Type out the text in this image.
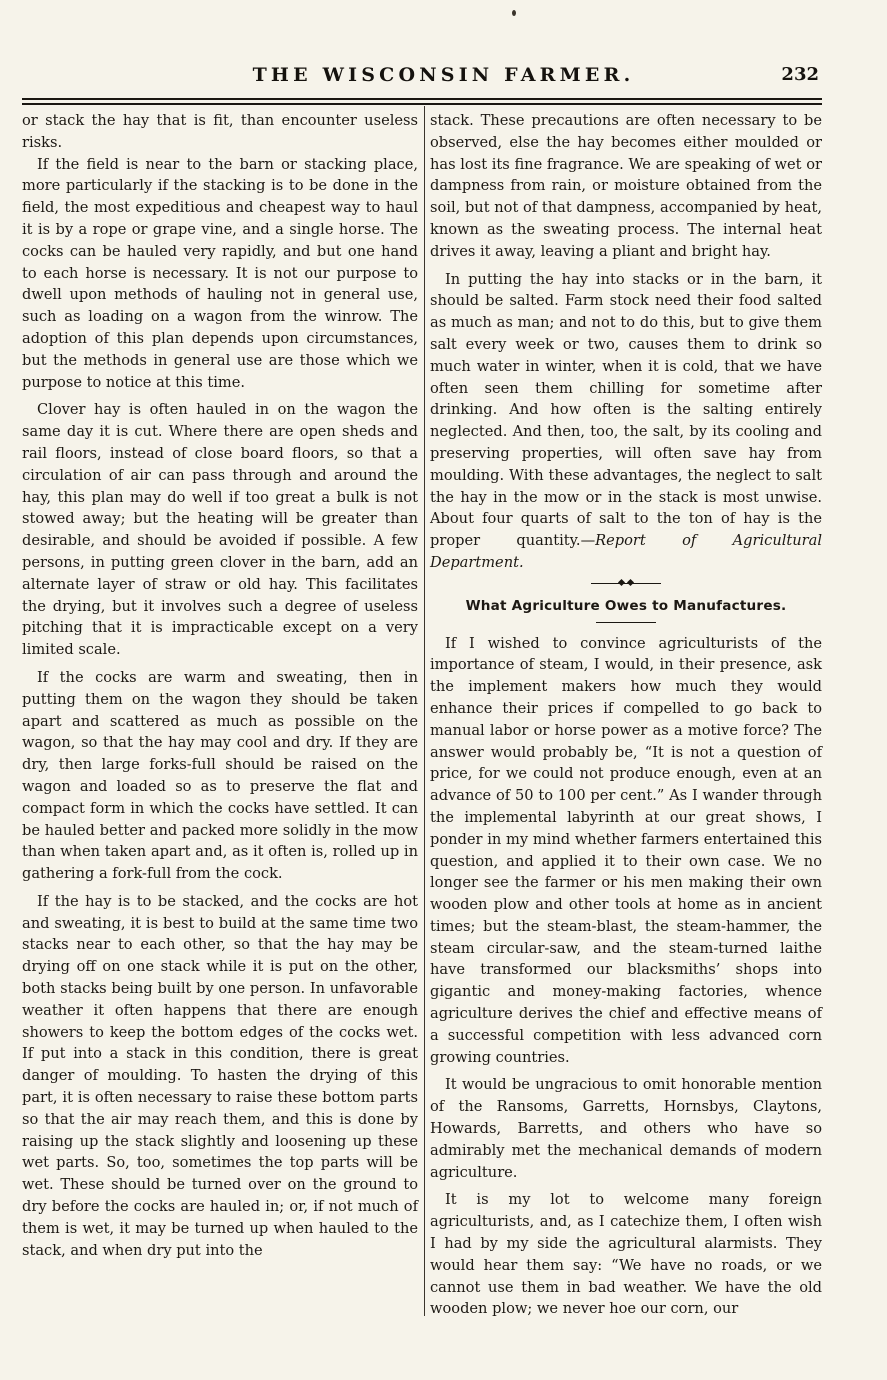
THE WISCONSIN FARMER.	232

or stack the hay that is fit, than encounter useless risks.

If the field is near to the barn or stacking place, more particularly if the stacking is to be done in the field, the most expeditious and cheapest way to haul it is by a rope or grape vine, and a single horse. The cocks can be hauled very rapidly, and but one hand to each horse is necessary. It is not our purpose to dwell upon methods of hauling not in general use, such as loading on a wagon from the winrow. The adoption of this plan depends upon circumstances, but the methods in general use are those which we purpose to notice at this time.

Clover hay is often hauled in on the wagon the same day it is cut. Where there are open sheds and rail floors, instead of close board floors, so that a circulation of air can pass through and around the hay, this plan may do well if too great a bulk is not stowed away; but the heating will be greater than desirable, and should be avoided if possible. A few persons, in putting green clover in the barn, add an alternate layer of straw or old hay. This facilitates the drying, but it involves such a degree of useless pitching that it is impracticable except on a very limited scale.

If the cocks are warm and sweating, then in putting them on the wagon they should be taken apart and scattered as much as possible on the wagon, so that the hay may cool and dry. If they are dry, then large forks-full should be raised on the wagon and loaded so as to preserve the flat and compact form in which the cocks have settled. It can be hauled better and packed more solidly in the mow than when taken apart and, as it often is, rolled up in gathering a fork-full from the cock.

If the hay is to be stacked, and the cocks are hot and sweating, it is best to build at the same time two stacks near to each other, so that the hay may be drying off on one stack while it is put on the other, both stacks being built by one person. In unfavorable weather it often happens that there are enough showers to keep the bottom edges of the cocks wet. If put into a stack in this condition, there is great danger of moulding. To hasten the drying of this part, it is often necessary to raise these bottom parts so that the air may reach them, and this is done by raising up the stack slightly and loosening up these wet parts. So, too, sometimes the top parts will be wet. These should be turned over on the ground to dry before the cocks are hauled in; or, if not much of them is wet, it may be turned up when hauled to the stack, and when dry put into the

stack. These precautions are often necessary to be observed, else the hay becomes either moulded or has lost its fine fragrance. We are speaking of wet or dampness from rain, or moisture obtained from the soil, but not of that dampness, accompanied by heat, known as the sweating process. The internal heat drives it away, leaving a pliant and bright hay.

In putting the hay into stacks or in the barn, it should be salted. Farm stock need their food salted as much as man; and not to do this, but to give them salt every week or two, causes them to drink so much water in winter, when it is cold, that we have often seen them chilling for sometime after drinking. And how often is the salting entirely neglected. And then, too, the salt, by its cooling and preserving properties, will often save hay from moulding. With these advantages, the neglect to salt the hay in the mow or in the stack is most unwise. About four quarts of salt to the ton of hay is the proper quantity.—Report of Agricultural Department.

What Agriculture Owes to Manufactures.

If I wished to convince agriculturists of the importance of steam, I would, in their presence, ask the implement makers how much they would enhance their prices if compelled to go back to manual labor or horse power as a motive force? The answer would probably be, “It is not a question of price, for we could not produce enough, even at an advance of 50 to 100 per cent.” As I wander through the implemental labyrinth at our great shows, I ponder in my mind whether farmers entertained this question, and applied it to their own case. We no longer see the farmer or his men making their own wooden plow and other tools at home as in ancient times; but the steam-blast, the steam-hammer, the steam circular-saw, and the steam-turned laithe have transformed our blacksmiths’ shops into gigantic and money-making factories, whence agriculture derives the chief and effective means of a successful competition with less advanced corn growing countries.

It would be ungracious to omit honorable mention of the Ransoms, Garretts, Hornsbys, Claytons, Howards, Barretts, and others who have so admirably met the mechanical demands of modern agriculture.

It is my lot to welcome many foreign agriculturists, and, as I catechize them, I often wish I had by my side the agricultural alarmists. They would hear them say: “We have no roads, or we cannot use them in bad weather. We have the old wooden plow; we never hoe our corn, our
